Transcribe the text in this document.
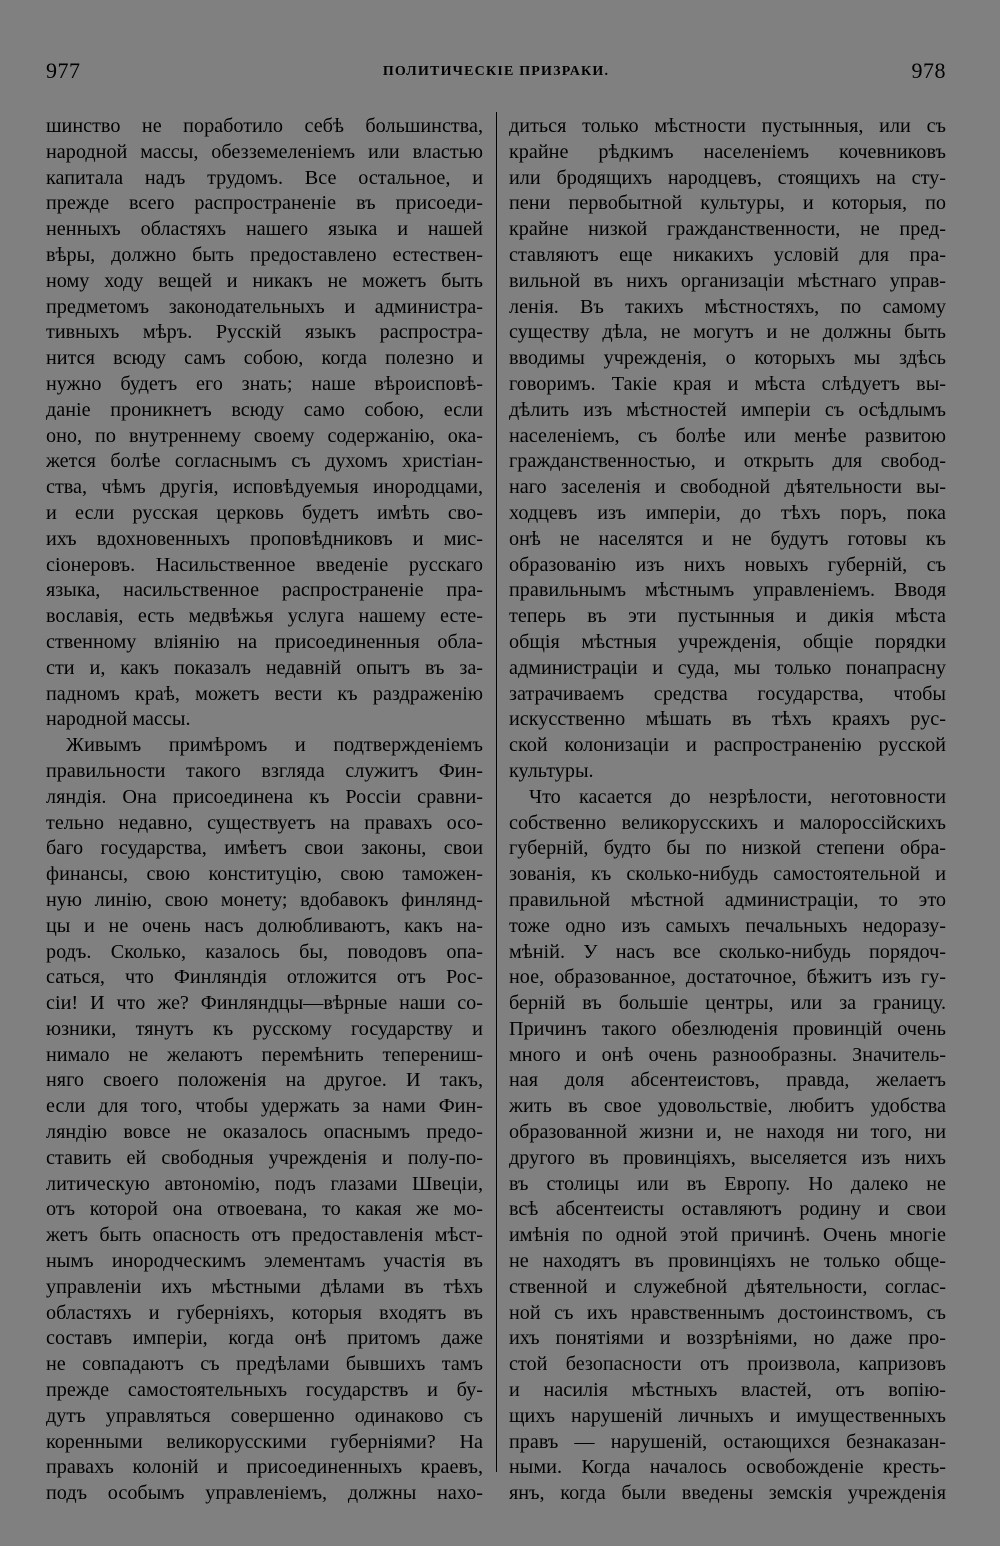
977	ПОЛИТИЧЕСКІЕ ПРИЗРАКИ.	978
шинство не поработило себѣ большинства,
народной массы, обезземеленіемъ или властью
капитала надъ трудомъ. Все остальное, и
прежде всего распространеніе въ присоеди-
ненныхъ областяхъ нашего языка и нашей
вѣры, должно быть предоставлено естествен-
ному ходу вещей и никакъ не можетъ быть
предметомъ законодательныхъ и администра-
тивныхъ мѣръ. Русскій языкъ распростра-
нится всюду самъ собою, когда полезно и
нужно будетъ его знать; наше вѣроисповѣ-
даніе проникнетъ всюду само собою, если
оно, по внутреннему своему содержанію, ока-
жется болѣе согласнымъ съ духомъ христіан-
ства, чѣмъ другія, исповѣдуемыя инородцами,
и если русская церковь будетъ имѣть сво-
ихъ вдохновенныхъ проповѣдниковъ и мис-
сіонеровъ. Насильственное введеніе русскаго
языка, насильственное распространеніе пра-
вославія, есть медвѣжья услуга нашему есте-
ственному вліянію на присоединенныя обла-
сти и, какъ показалъ недавній опытъ въ за-
падномъ краѣ, можетъ вести къ раздраженію
народной массы.
Живымъ примѣромъ и подтвержденіемъ
правильности такого взгляда служитъ Фин-
ляндія. Она присоединена къ Россіи сравни-
тельно недавно, существуетъ на правахъ осо-
баго государства, имѣетъ свои законы, свои
финансы, свою конституцію, свою таможен-
ную линію, свою монету; вдобавокъ финлянд-
цы и не очень насъ долюбливаютъ, какъ на-
родъ. Сколько, казалось бы, поводовъ опа-
саться, что Финляндія отложится отъ Рос-
сіи! И что же? Финляндцы—вѣрные наши со-
юзники, тянутъ къ русскому государству и
нимало не желаютъ перемѣнить теперениш-
няго своего положенія на другое. И такъ,
если для того, чтобы удержать за нами Фин-
ляндію вовсе не оказалось опаснымъ предо-
ставить ей свободныя учрежденія и полу-по-
литическую автономію, подъ глазами Швеціи,
отъ которой она отвоевана, то какая же мо-
жетъ быть опасность отъ предоставленія мѣст-
нымъ инородческимъ элементамъ участія въ
управленіи ихъ мѣстными дѣлами въ тѣхъ
областяхъ и губерніяхъ, которыя входятъ въ
составъ имперіи, когда онѣ притомъ даже
не совпадаютъ съ предѣлами бывшихъ тамъ
прежде самостоятельныхъ государствъ и бу-
дутъ управляться совершенно одинаково съ
коренными великорусскими губерніями? На
правахъ колоній и присоединенныхъ краевъ,
подъ особымъ управленіемъ, должны нахо-
диться только мѣстности пустынныя, или съ
крайне рѣдкимъ населеніемъ кочевниковъ
или бродящихъ народцевъ, стоящихъ на сту-
пени первобытной культуры, и которыя, по
крайне низкой гражданственности, не пред-
ставляютъ еще никакихъ условій для пра-
вильной въ нихъ организаціи мѣстнаго управ-
ленія. Въ такихъ мѣстностяхъ, по самому
существу дѣла, не могутъ и не должны быть
вводимы учрежденія, о которыхъ мы здѣсь
говоримъ. Такіе края и мѣста слѣдуетъ вы-
дѣлить изъ мѣстностей имперіи съ осѣдлымъ
населеніемъ, съ болѣе или менѣе развитою
гражданственностью, и открыть для свобод-
наго заселенія и свободной дѣятельности вы-
ходцевъ изъ имперіи, до тѣхъ поръ, пока
онѣ не населятся и не будутъ готовы къ
образованію изъ нихъ новыхъ губерній, съ
правильнымъ мѣстнымъ управленіемъ. Вводя
теперь въ эти пустынныя и дикія мѣста
общія мѣстныя учрежденія, общіе порядки
администраціи и суда, мы только понапрасну
затрачиваемъ средства государства, чтобы
искусственно мѣшать въ тѣхъ краяхъ рус-
ской колонизаціи и распространенію русской
культуры.
Что касается до незрѣлости, неготовности
собственно великорусскихъ и малороссійскихъ
губерній, будто бы по низкой степени обра-
зованія, къ сколько-нибудь самостоятельной и
правильной мѣстной администраціи, то это
тоже одно изъ самыхъ печальныхъ недоразу-
мѣній. У насъ все сколько-нибудь порядоч-
ное, образованное, достаточное, бѣжитъ изъ гу-
берній въ большіе центры, или за границу.
Причинъ такого обезлюденія провинцій очень
много и онѣ очень разнообразны. Значитель-
ная доля абсентеистовъ, правда, желаетъ
жить въ свое удовольствіе, любитъ удобства
образованной жизни и, не находя ни того, ни
другого въ провинціяхъ, выселяется изъ нихъ
въ столицы или въ Европу. Но далеко не
всѣ абсентеисты оставляютъ родину и свои
имѣнія по одной этой причинѣ. Очень многіе
не находятъ въ провинціяхъ не только обще-
ственной и служебной дѣятельности, соглас-
ной съ ихъ нравственнымъ достоинствомъ, съ
ихъ понятіями и воззрѣніями, но даже про-
стой безопасности отъ произвола, капризовъ
и насилія мѣстныхъ властей, отъ вопію-
щихъ нарушеній личныхъ и имущественныхъ
правъ — нарушеній, остающихся безнаказан-
ными. Когда началось освобожденіе кресть-
янъ, когда были введены земскія учрежденія
